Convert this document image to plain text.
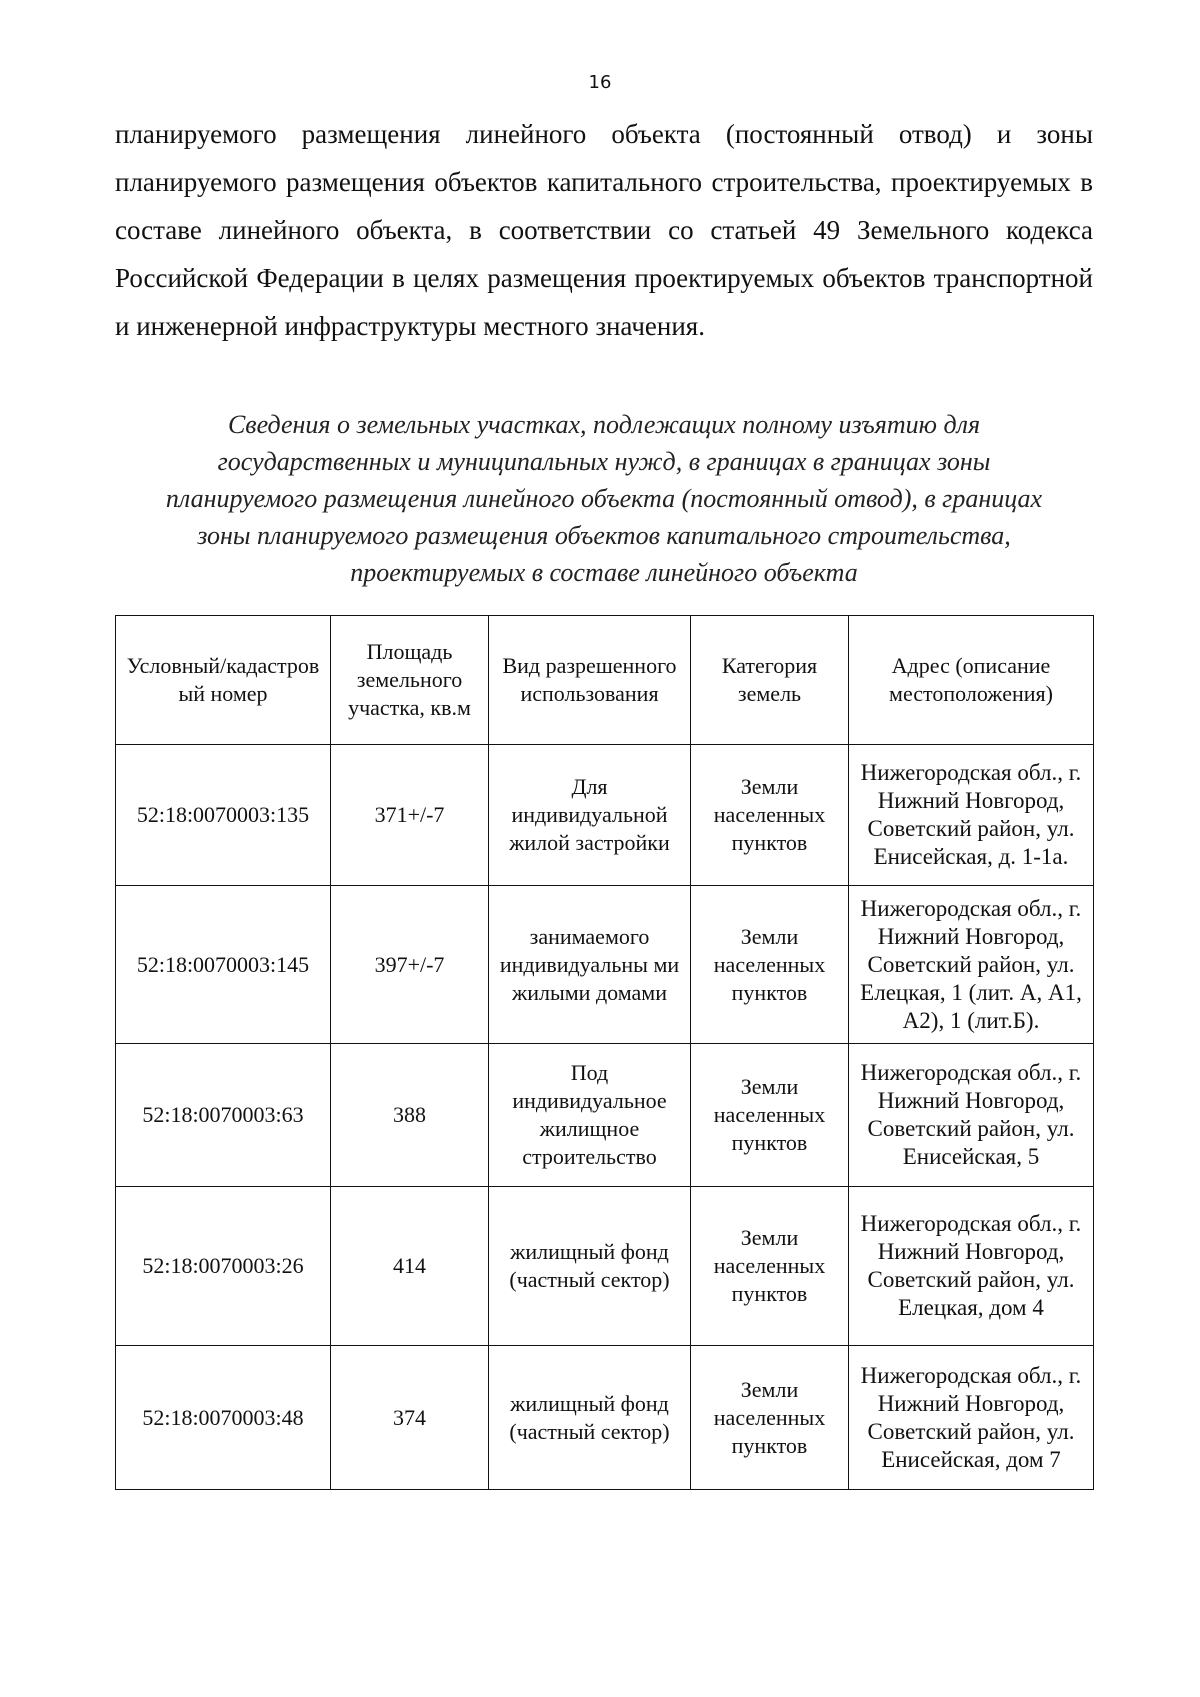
16

планируемого размещения линейного объекта (постоянный отвод) и зоны планируемого размещения объектов капитального строительства, проектируемых в составе линейного объекта, в соответствии со статьей 49 Земельного кодекса Российской Федерации в целях размещения проектируемых объектов транспортной и инженерной инфраструктуры местного значения.

Сведения о земельных участках, подлежащих полному изъятию для
государственных и муниципальных нужд, в границах в границах зоны
планируемого размещения линейного объекта (постоянный отвод), в границах
зоны планируемого размещения объектов капитального строительства,
проектируемых в составе линейного объекта
Условный/кадастровый номер	Площадь земельного участка, кв.м	Вид разрешенного использования	Категория земель	Адрес (описание местоположения)
52:18:0070003:135	371+/-7	Для индивидуальной жилой застройки	Земли населенных пунктов	Нижегородская обл., г. Нижний Новгород, Советский район, ул. Енисейская, д. 1-1а.
52:18:0070003:145	397+/-7	занимаемого индивидуальны ми жилыми домами	Земли населенных пунктов	Нижегородская обл., г. Нижний Новгород, Советский район, ул. Елецкая, 1 (лит. А, А1, А2), 1 (лит.Б).
52:18:0070003:63	388	Под индивидуальное жилищное строительство	Земли населенных пунктов	Нижегородская обл., г. Нижний Новгород, Советский район, ул. Енисейская, 5
52:18:0070003:26	414	жилищный фонд (частный сектор)	Земли населенных пунктов	Нижегородская обл., г. Нижний Новгород, Советский район, ул. Елецкая, дом 4
52:18:0070003:48	374	жилищный фонд (частный сектор)	Земли населенных пунктов	Нижегородская обл., г. Нижний Новгород, Советский район, ул. Енисейская, дом 7
